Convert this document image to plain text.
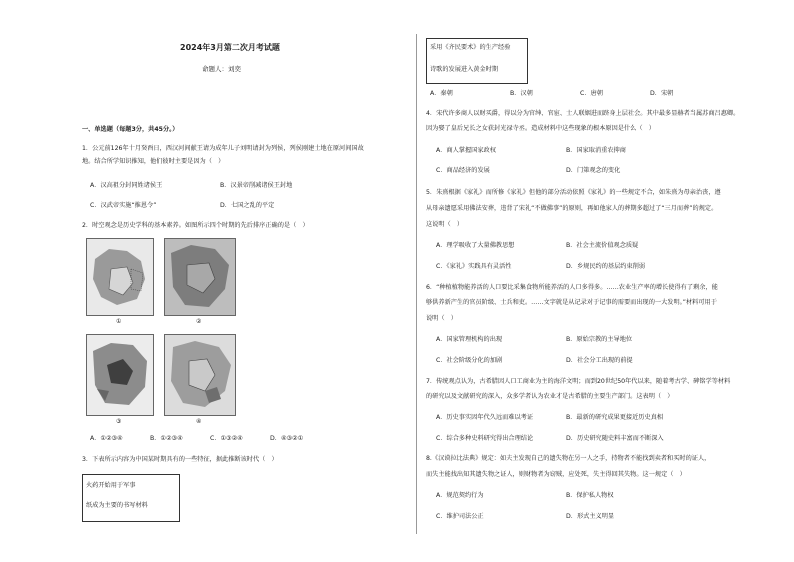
2024年3月第二次月考试题
命题人：刘奕
一、单选题（每题3分，共45分。）
1．公元前126年十月癸酉日，西汉河间献王请为成年儿子刘明请封为列侯，列侯刚建土地在原河间国故
地。结合所学知识推知，他们彼时主要是因为（　）
A．汉高祖分封同姓诸侯王	B．汉景帝削减诸侯王封地
C．汉武帝实施“推恩令”	D．七国之乱的平定
2．时空观念是历史学科的基本素养。如图所示四个时期的先后排序正确的是（　）
①	②
③	④
A．①②③④	B．①②③④	C．①③②④	D．④③②①
3．下表所示内容为中国某时期具有的一些特征，据此推断该时代（　）
火药开始用于军事
纸成为主要的书写材料
采用《齐民要术》的生产经验
诗歌的发展进入黄金时期
A．秦朝	B．汉朝	C．唐朝	D．宋朝
4．宋代许多商人以财买爵，得以分为官绅、官宦、士人联姻进而跻身上层社会。其中最多显赫者当属苏商吕惠卿。
因为娶了皇后兄长之女获封光禄寺丞。造成材料中这些现象的根本原因是什么（　）
A．商人掌握国家政权	B．国家取消重农抑商
C．商品经济的发展	D．门第观念的变化
5．朱熹根据《家礼》而所修《家礼》但他的部分活动依照《家礼》的一些规定不合，如朱熹为母亲治丧，遵
从母亲遗愿采用佛法安葬，违背了宋礼“不做佛事”的原则，再如他家人的葬期多超过了“三月而葬”的规定。
这说明（　）
A．理学吸收了大量佛教思想	B．社会主流价值观念质疑
C．《家礼》实践具有灵活性	D．乡规民约的基层约束削弱
6．“种植植物能养活的人口要比采集食物所能养活的人口多得多。……农业生产率的增长使得有了剩余，能
够供养新产生的官员阶级、士兵和吏。……文字就是从记录对于记事的需要而出现的一大发明。”材料可用于
说明（　）
A．国家管理机构的出现	B．原始宗教的主导地位
C．社会阶级分化的加剧	D．社会分工出现的前提
7．传统观点认为，古希腊因人口工商业为主的海洋文明；而到20世纪50年代以来，随着考古学、碑铭学等材料
的研究以及文献研究的深入，众多学者认为农业才是古希腊的主要生产部门。这表明（　）
A．历史事实因年代久远而难以考证	B．最新的研究成果更接近历史真相
C．综合多种史料研究得出合理结论	D．历史研究随史料丰富而不断深入
8.《汉谟拉比法典》规定：如夫主发现自己的遗失物在另一人之手，持物者不能找到卖者和买时的证人，
而失主能找出知其遗失物之证人，则财物者为窃贼，应处死，失主得回其失物。这一规定（　）
A．规范契约行为	B．保护私人物权
C．维护司法公正	D．形式主义明显
